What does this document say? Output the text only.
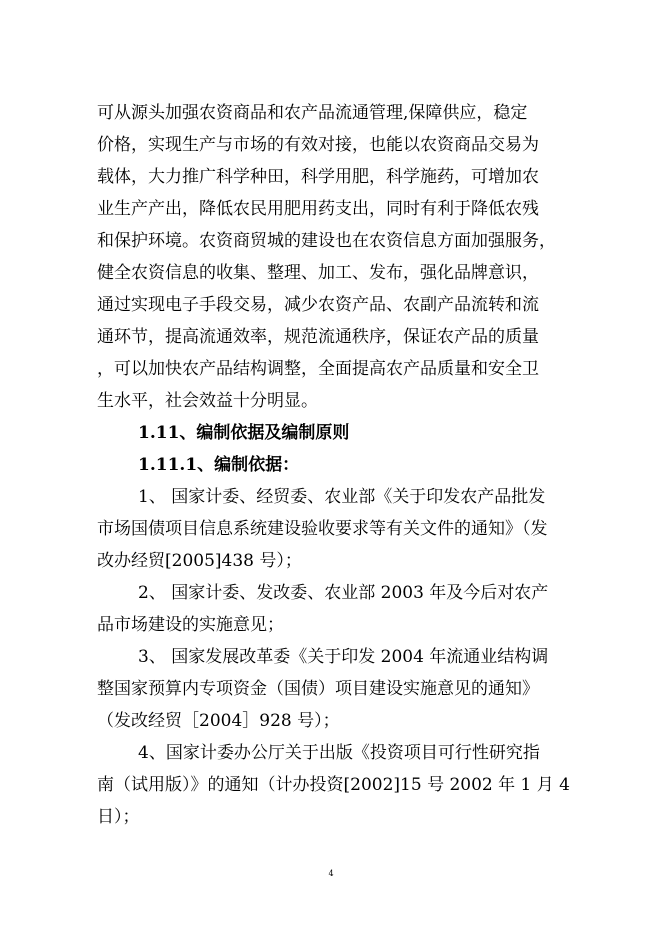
可从源头加强农资商品和农产品流通管理,保障供应，稳定
价格，实现生产与市场的有效对接，也能以农资商品交易为
载体，大力推广科学种田，科学用肥，科学施药，可增加农
业生产产出，降低农民用肥用药支出，同时有利于降低农残
和保护环境。农资商贸城的建设也在农资信息方面加强服务，
健全农资信息的收集、整理、加工、发布，强化品牌意识，
通过实现电子手段交易，减少农资产品、农副产品流转和流
通环节，提高流通效率，规范流通秩序，保证农产品的质量
，可以加快农产品结构调整，全面提高农产品质量和安全卫
生水平，社会效益十分明显。
1.11、编制依据及编制原则
1.11.1、编制依据：
1、 国家计委、经贸委、农业部《关于印发农产品批发
市场国债项目信息系统建设验收要求等有关文件的通知》（发
改办经贸[2005]438 号）；
2、 国家计委、发改委、农业部 2003 年及今后对农产
品市场建设的实施意见；
3、 国家发展改革委《关于印发 2004 年流通业结构调
整国家预算内专项资金（国债）项目建设实施意见的通知》
（发改经贸［2004］928 号）；
4、国家计委办公厅关于出版《投资项目可行性研究指
南（试用版）》的通知（计办投资[2002]15 号 2002 年 1 月 4
日）；
4
